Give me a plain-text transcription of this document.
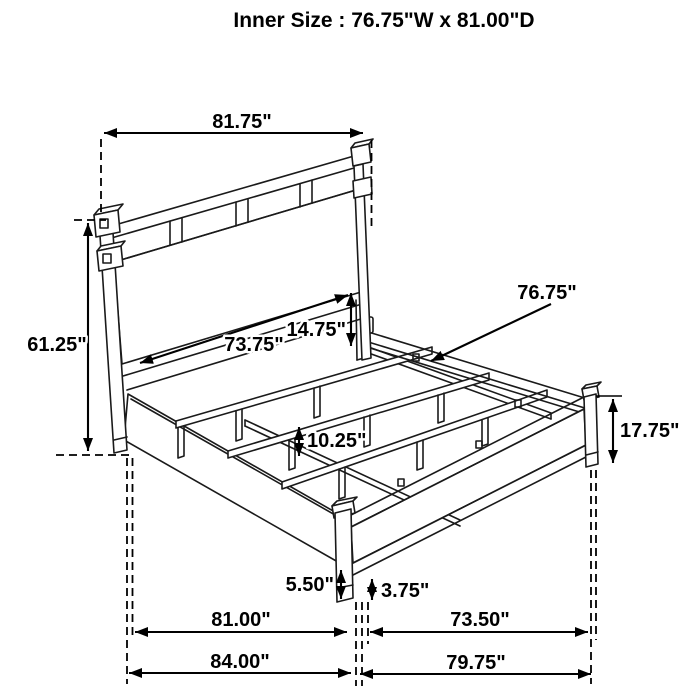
Inner Size : 76.75"W x 81.00"D
81.75"
61.25"	73.75"
14.75"
76.75"
17.75"
10.25"
5.50" 3.75"
81.00"	73.50"
84.00"	79.75"
